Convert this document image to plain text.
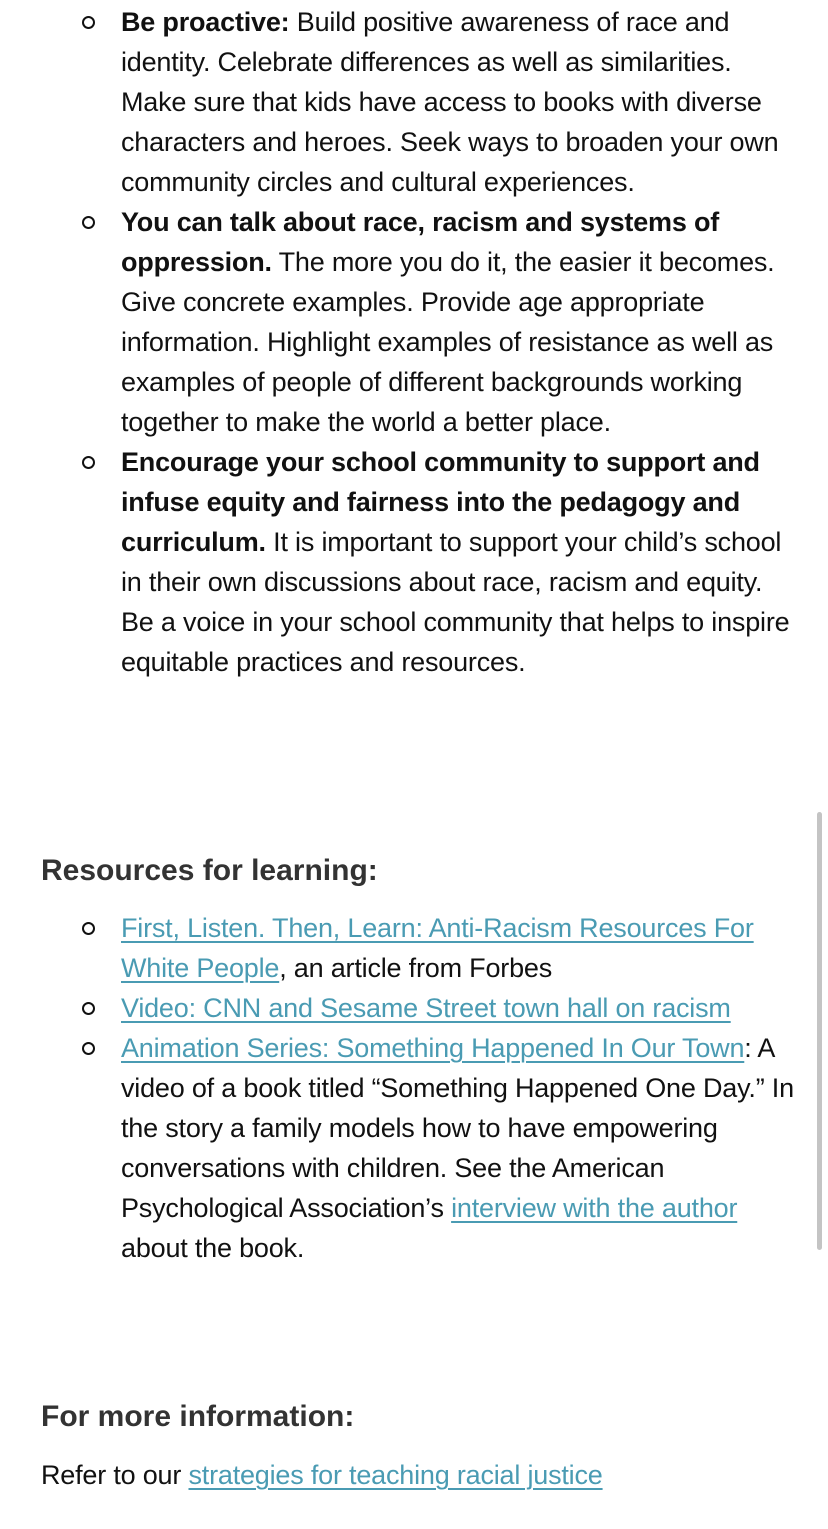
Be proactive: Build positive awareness of race and identity. Celebrate differences as well as similarities. Make sure that kids have access to books with diverse characters and heroes. Seek ways to broaden your own community circles and cultural experiences.
You can talk about race, racism and systems of oppression. The more you do it, the easier it becomes. Give concrete examples. Provide age appropriate information. Highlight examples of resistance as well as examples of people of different backgrounds working together to make the world a better place.
Encourage your school community to support and infuse equity and fairness into the pedagogy and curriculum. It is important to support your child’s school in their own discussions about race, racism and equity. Be a voice in your school community that helps to inspire equitable practices and resources.
Resources for learning:
First, Listen. Then, Learn: Anti-Racism Resources For White People, an article from Forbes
Video: CNN and Sesame Street town hall on racism
Animation Series: Something Happened In Our Town: A video of a book titled “Something Happened One Day.” In the story a family models how to have empowering conversations with children. See the American Psychological Association’s interview with the author about the book.
For more information:

Refer to our strategies for teaching racial justice
